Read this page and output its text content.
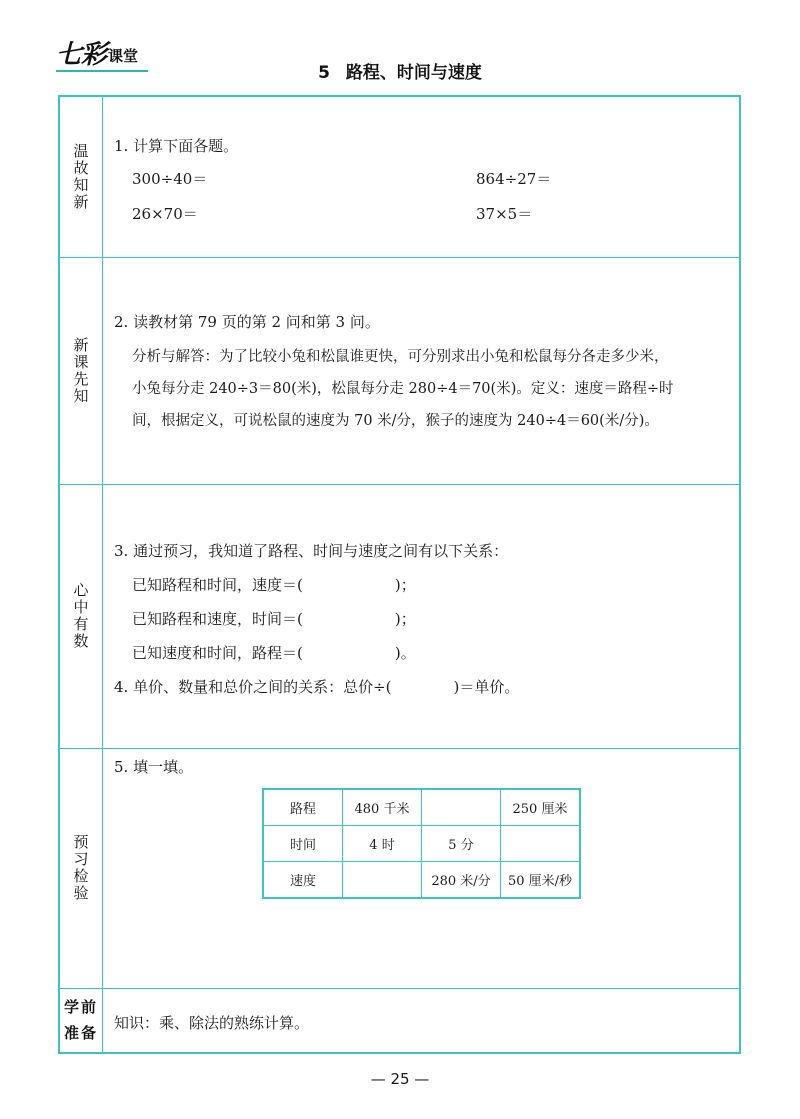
七彩 课堂
5 路程、时间与速度
温故知新 1. 计算下面各题。
300÷40＝	864÷27＝
26×70＝	37×5＝
新课先知
2. 读教材第 79 页的第 2 问和第 3 问。
分析与解答：为了比较小兔和松鼠谁更快，可分别求出小兔和松鼠每分各走多少米，
小兔每分走 240÷3＝80(米)，松鼠每分走 280÷4＝70(米)。定义：速度＝路程÷时
间，根据定义，可说松鼠的速度为 70 米/分，猴子的速度为 240÷4＝60(米/分)。
心中有数
3. 通过预习，我知道了路程、时间与速度之间有以下关系：
已知路程和时间，速度＝(	)；
已知路程和速度，时间＝(	)；
已知速度和时间，路程＝(	)。
4. 单价、数量和总价之间的关系：总价÷(	)＝单价。
预习检验
5. 填一填。
路程	480 千米		250 厘米
时间	4 时	5 分	
速度		280 米/分	50 厘米/秒
学前
准备
知识：乘、除法的熟练计算。
— 25 —
